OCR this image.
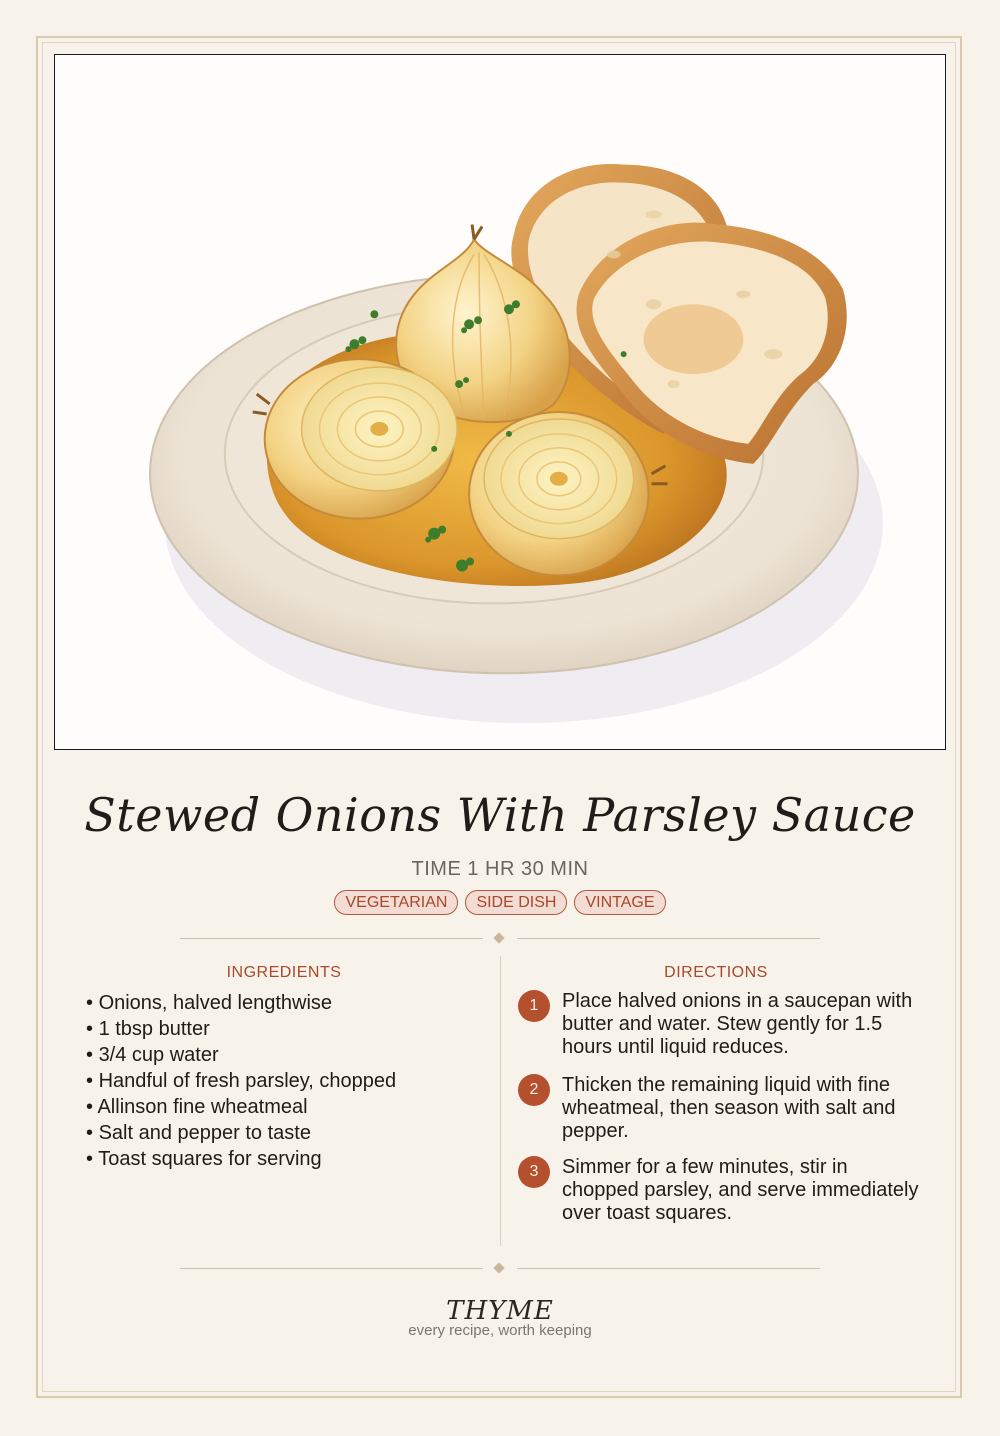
Stewed Onions With Parsley Sauce
TIME 1 HR 30 MIN
VEGETARIAN	SIDE DISH	VINTAGE
INGREDIENTS
• Onions, halved lengthwise
• 1 tbsp butter
• 3/4 cup water
• Handful of fresh parsley, chopped
• Allinson fine wheatmeal
• Salt and pepper to taste
• Toast squares for serving
DIRECTIONS
1	Place halved onions in a saucepan with butter and water. Stew gently for 1.5 hours until liquid reduces.
2	Thicken the remaining liquid with fine wheatmeal, then season with salt and pepper.
3	Simmer for a few minutes, stir in chopped parsley, and serve immediately over toast squares.
THYME
every recipe, worth keeping
